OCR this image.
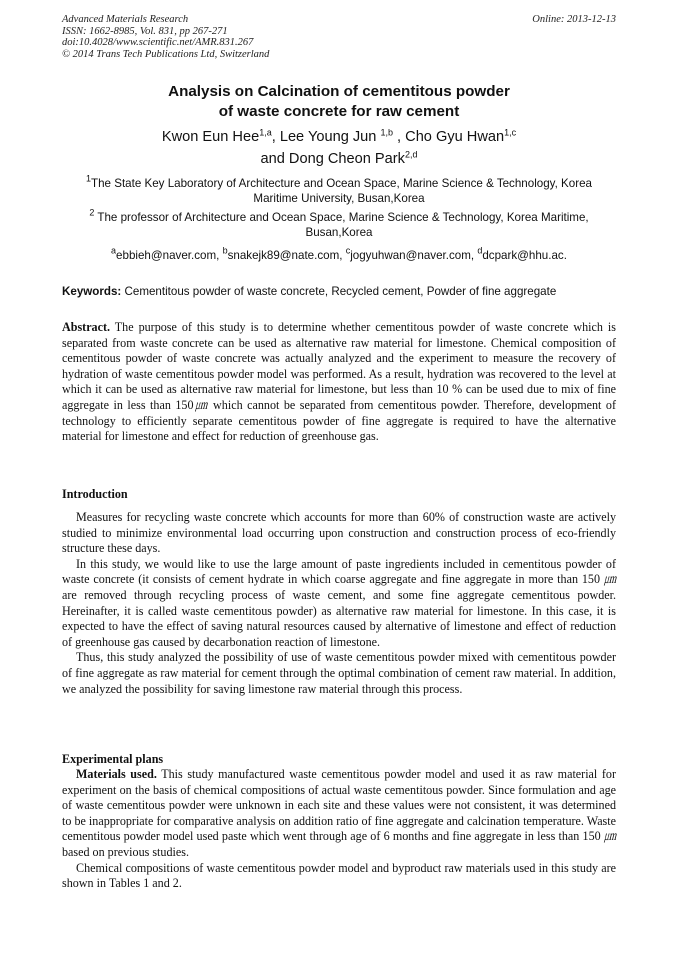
Advanced Materials Research
ISSN: 1662-8985, Vol. 831, pp 267-271
doi:10.4028/www.scientific.net/AMR.831.267
© 2014 Trans Tech Publications Ltd, Switzerland
Online: 2013-12-13
Analysis on Calcination of cementitous powder
of waste concrete for raw cement
Kwon Eun Hee$^{1,a}$, Lee Young Jun $^{1,b}$ , Cho Gyu Hwan$^{1,c}$
and Dong Cheon Park$^{2,d}$
$^1$The State Key Laboratory of Architecture and Ocean Space, Marine Science & Technology, Korea
Maritime University, Busan,Korea
$^2$ The professor of Architecture and Ocean Space, Marine Science & Technology, Korea Maritime,
Busan,Korea
$^a$ebbieh@naver.com, $^b$snakejk89@nate.com, $^c$jogyuhwan@naver.com, $^d$dcpark@hhu.ac.
Keywords: Cementitous powder of waste concrete, Recycled cement, Powder of fine aggregate

Abstract. The purpose of this study is to determine whether cementitous powder of waste concrete which is separated from waste concrete can be used as alternative raw material for limestone. Chemical composition of cementitous powder of waste concrete was actually analyzed and the experiment to measure the recovery of hydration of waste cementitous powder model was performed. As a result, hydration was recovered to the level at which it can be used as alternative raw material for limestone, but less than 10 % can be used due to mix of fine aggregate in less than 150㎛ which cannot be separated from cementitous powder. Therefore, development of technology to efficiently separate cementitous powder of fine aggregate is required to have the alternative material for limestone and effect for reduction of greenhouse gas.

Introduction

Measures for recycling waste concrete which accounts for more than 60% of construction waste are actively studied to minimize environmental load occurring upon construction and construction process of eco-friendly structure these days.

In this study, we would like to use the large amount of paste ingredients included in cementitous powder of waste concrete (it consists of cement hydrate in which coarse aggregate and fine aggregate in more than 150 ㎛ are removed through recycling process of waste cement, and some fine aggregate cementitous powder. Hereinafter, it is called waste cementitous powder) as alternative raw material for limestone. In this case, it is expected to have the effect of saving natural resources caused by alternative of limestone and effect of reduction of greenhouse gas caused by decarbonation reaction of limestone.

Thus, this study analyzed the possibility of use of waste cementitous powder mixed with cementitous powder of fine aggregate as raw material for cement through the optimal combination of cement raw material. In addition, we analyzed the possibility for saving limestone raw material through this process.

Experimental plans

Materials used. This study manufactured waste cementitous powder model and used it as raw material for experiment on the basis of chemical compositions of actual waste cementitous powder. Since formulation and age of waste cementitous powder were unknown in each site and these values were not consistent, it was determined to be inappropriate for comparative analysis on addition ratio of fine aggregate and calcination temperature. Waste cementitous powder model used paste which went through age of 6 months and fine aggregate in less than 150 ㎛ based on previous studies.

Chemical compositions of waste cementitous powder model and byproduct raw materials used in this study are shown in Tables 1 and 2.
